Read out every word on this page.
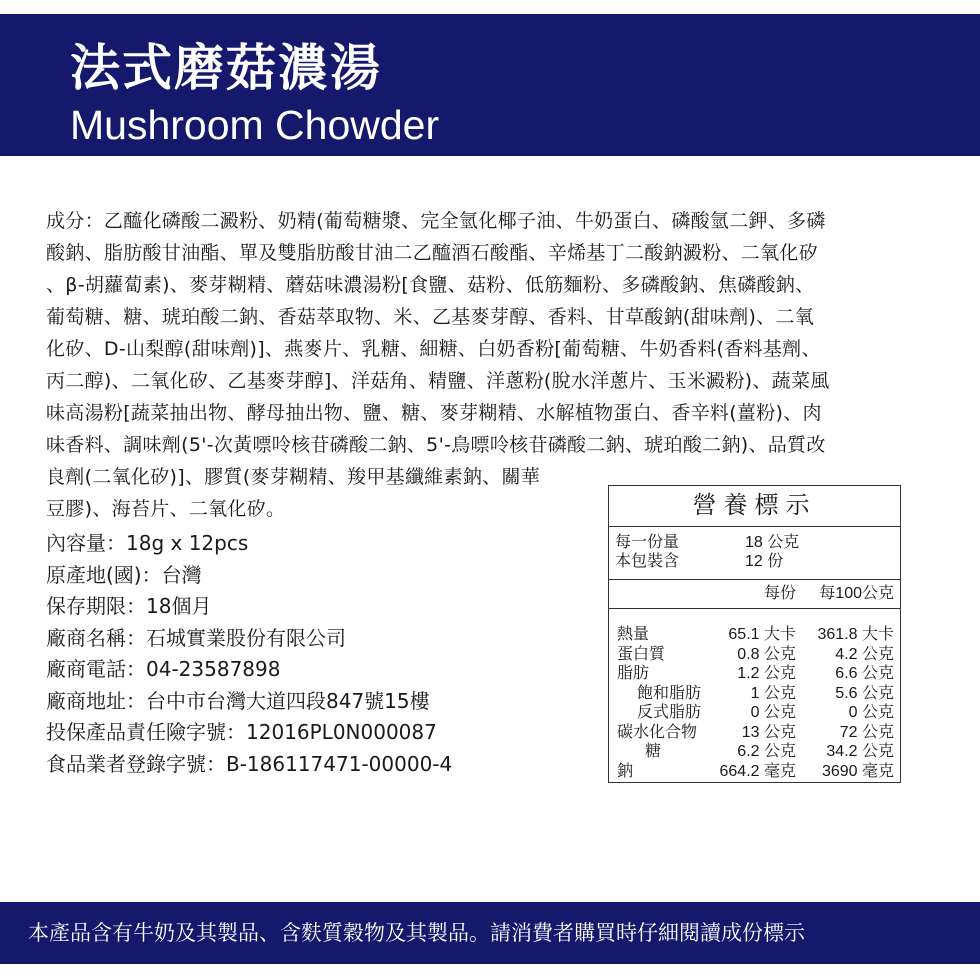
法式磨菇濃湯
Mushroom Chowder
成分：乙醯化磷酸二澱粉、奶精(葡萄糖漿、完全氫化椰子油、牛奶蛋白、磷酸氫二鉀、多磷
酸鈉、脂肪酸甘油酯、單及雙脂肪酸甘油二乙醯酒石酸酯、辛烯基丁二酸鈉澱粉、二氧化矽
、β-胡蘿蔔素)、麥芽糊精、蘑菇味濃湯粉[食鹽、菇粉、低筋麵粉、多磷酸鈉、焦磷酸鈉、
葡萄糖、糖、琥珀酸二鈉、香菇萃取物、米、乙基麥芽醇、香料、甘草酸鈉(甜味劑)、二氧
化矽、D-山梨醇(甜味劑)]、燕麥片、乳糖、細糖、白奶香粉[葡萄糖、牛奶香料(香料基劑、
丙二醇)、二氧化矽、乙基麥芽醇]、洋菇角、精鹽、洋蔥粉(脫水洋蔥片、玉米澱粉)、蔬菜風
味高湯粉[蔬菜抽出物、酵母抽出物、鹽、糖、麥芽糊精、水解植物蛋白、香辛料(薑粉)、肉
味香料、調味劑(5'-次黃嘌呤核苷磷酸二鈉、5'-鳥嘌呤核苷磷酸二鈉、琥珀酸二鈉)、品質改
良劑(二氧化矽)]、膠質(麥芽糊精、羧甲基纖維素鈉、關華
豆膠)、海苔片、二氧化矽。
內容量：18g x 12pcs
原產地(國)：台灣
保存期限：18個月
廠商名稱：石城實業股份有限公司
廠商電話：04-23587898
廠商地址：台中市台灣大道四段847號15樓
投保產品責任險字號：12016PL0N000087
食品業者登錄字號：B-186117471-00000-4
營養標示
每一份量	18 公克
本包裝含	12 份
每份 每100公克
熱量	65.1 大卡 361.8 大卡
蛋白質	0.8 公克 4.2 公克
脂肪	1.2 公克 6.6 公克
飽和脂肪	1 公克 5.6 公克
反式脂肪	0 公克	0 公克
碳水化合物	13 公克	72 公克
糖	6.2 公克 34.2 公克
鈉	664.2 毫克 3690 毫克
本產品含有牛奶及其製品、含麩質穀物及其製品。請消費者購買時仔細閱讀成份標示
